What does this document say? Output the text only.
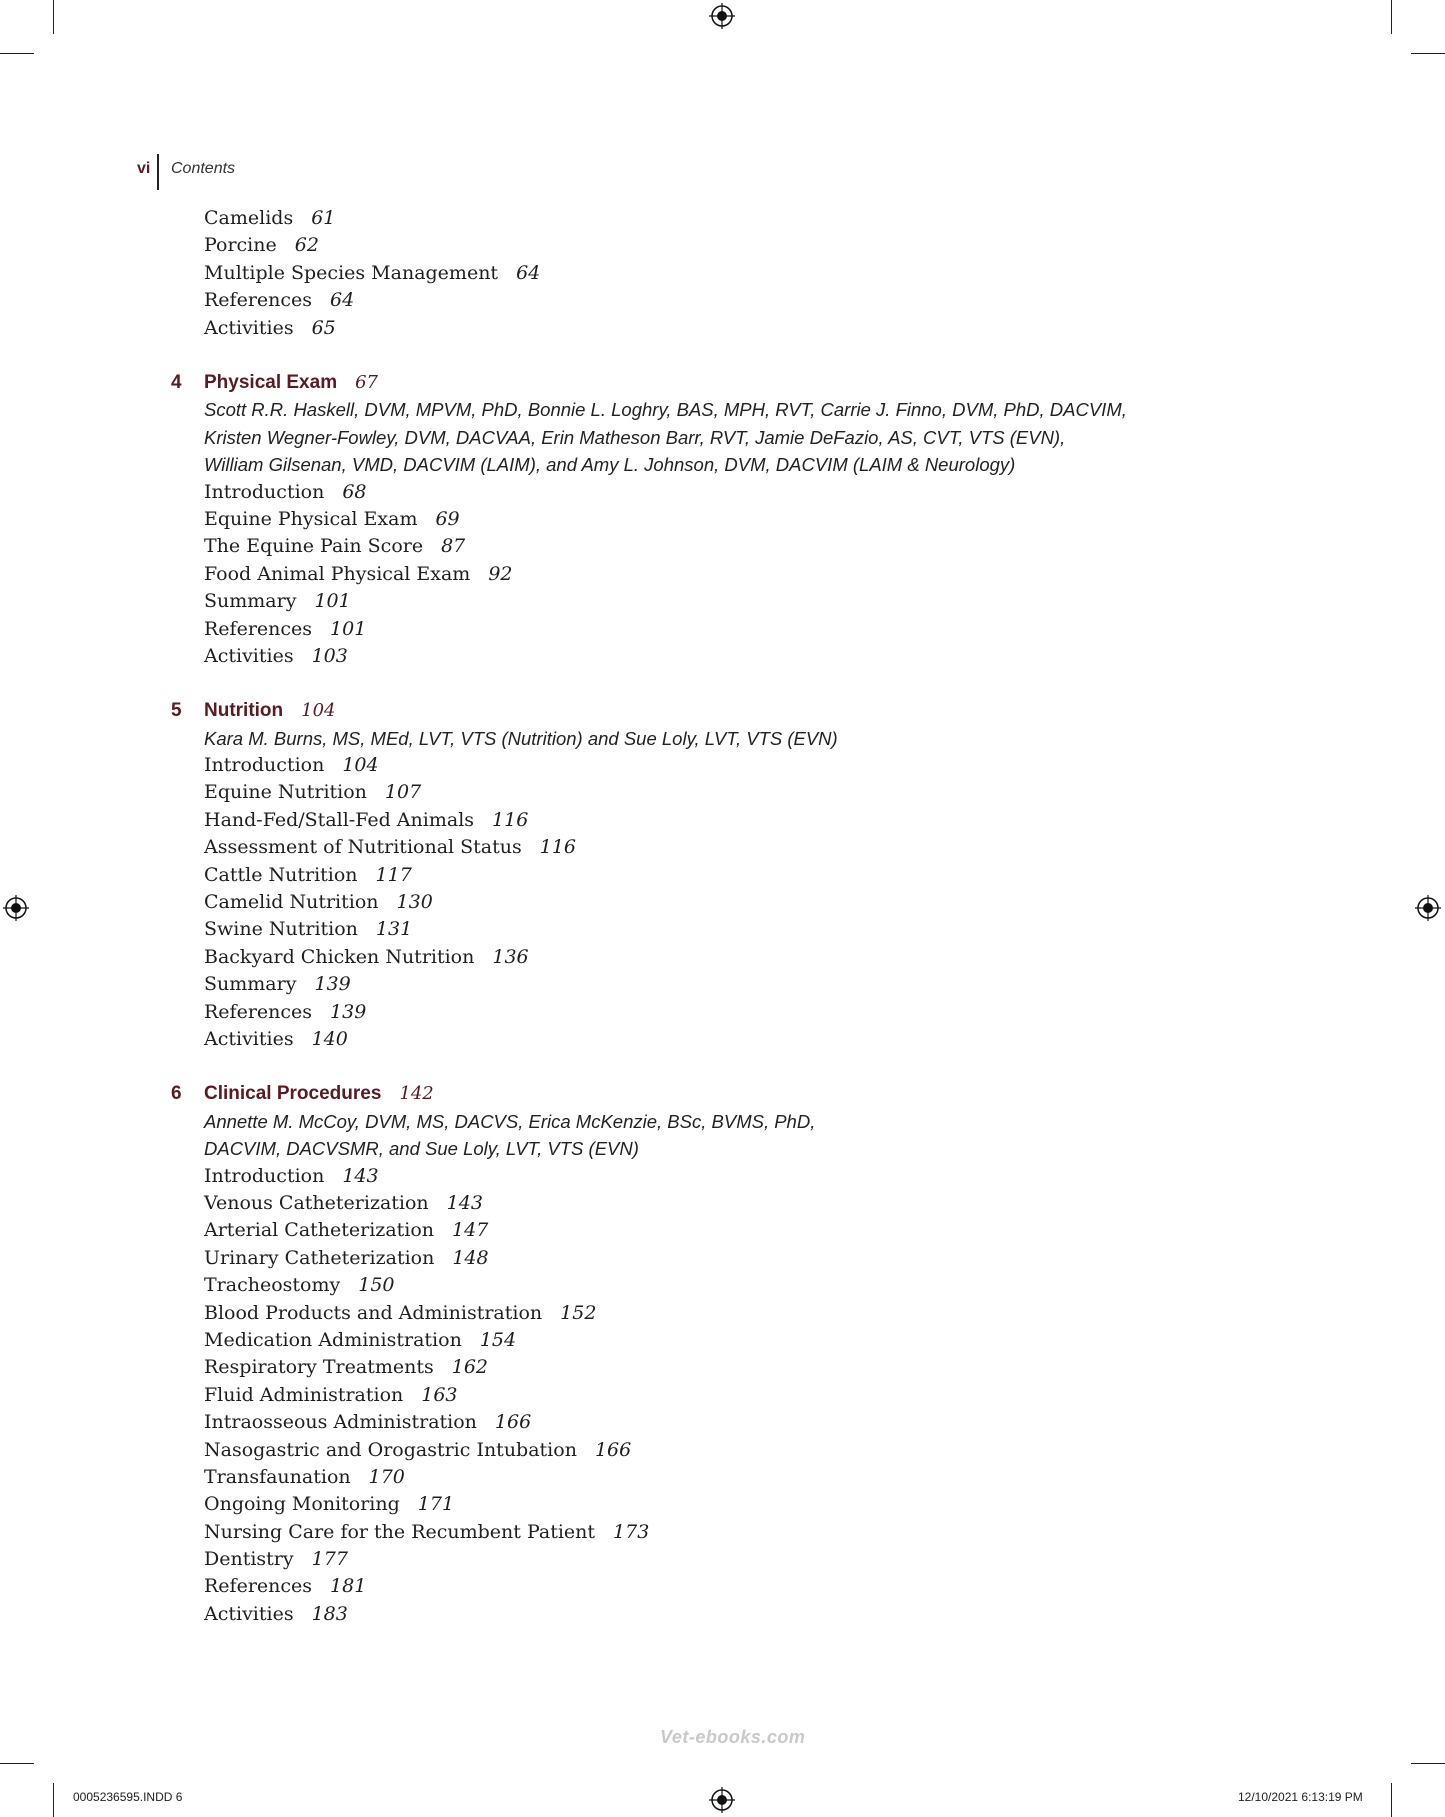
vi Contents
Camelids 61
Porcine 62
Multiple Species Management 64
References 64
Activities 65
4 Physical Exam 67
Scott R.R. Haskell, DVM, MPVM, PhD, Bonnie L. Loghry, BAS, MPH, RVT, Carrie J. Finno, DVM, PhD, DACVIM,
Kristen Wegner-Fowley, DVM, DACVAA, Erin Matheson Barr, RVT, Jamie DeFazio, AS, CVT, VTS (EVN),
William Gilsenan, VMD, DACVIM (LAIM), and Amy L. Johnson, DVM, DACVIM (LAIM & Neurology)
Introduction 68
Equine Physical Exam 69
The Equine Pain Score 87
Food Animal Physical Exam 92
Summary 101
References 101
Activities 103
5 Nutrition 104
Kara M. Burns, MS, MEd, LVT, VTS (Nutrition) and Sue Loly, LVT, VTS (EVN)
Introduction 104
Equine Nutrition 107
Hand-Fed/Stall-Fed Animals 116
Assessment of Nutritional Status 116
Cattle Nutrition 117
Camelid Nutrition 130
Swine Nutrition 131
Backyard Chicken Nutrition 136
Summary 139
References 139
Activities 140
6 Clinical Procedures 142
Annette M. McCoy, DVM, MS, DACVS, Erica McKenzie, BSc, BVMS, PhD,
DACVIM, DACVSMR, and Sue Loly, LVT, VTS (EVN)
Introduction 143
Venous Catheterization 143
Arterial Catheterization 147
Urinary Catheterization 148
Tracheostomy 150
Blood Products and Administration 152
Medication Administration 154
Respiratory Treatments 162
Fluid Administration 163
Intraosseous Administration 166
Nasogastric and Orogastric Intubation 166
Transfaunation 170
Ongoing Monitoring 171
Nursing Care for the Recumbent Patient 173
Dentistry 177
References 181
Activities 183
Vet-ebooks.com
0005236595.INDD 6	12/10/2021 6:13:19 PM
